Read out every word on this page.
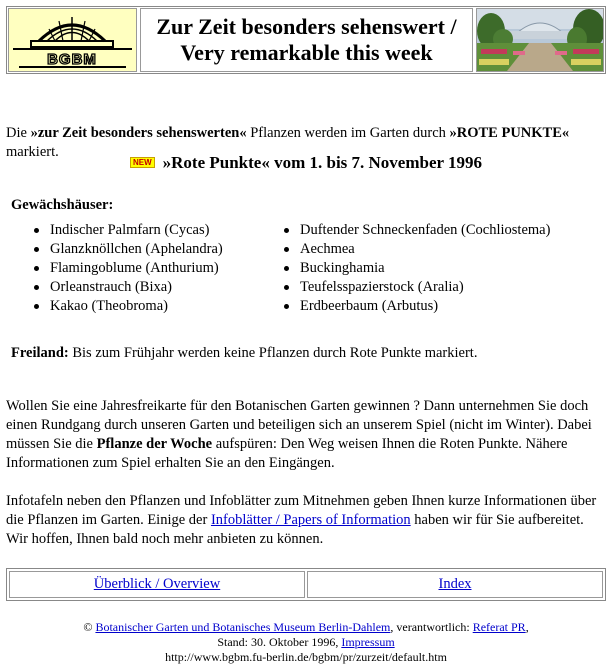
BGBM
Zur Zeit besonders sehenswert /
Very remarkable this week
Die »zur Zeit besonders sehenswerten« Pflanzen werden im Garten durch »ROTE PUNKTE« markiert.
NEW »Rote Punkte« vom 1. bis 7. November 1996
Gewächshäuser:
Indischer Palmfarn (Cycas)
Glanzknöllchen (Aphelandra)
Flamingoblume (Anthurium)
Orleanstrauch (Bixa)
Kakao (Theobroma)
Duftender Schneckenfaden (Cochliostema)
Aechmea
Buckinghamia
Teufelsspazierstock (Aralia)
Erdbeerbaum (Arbutus)
Freiland: Bis zum Frühjahr werden keine Pflanzen durch Rote Punkte markiert.
Wollen Sie eine Jahresfreikarte für den Botanischen Garten gewinnen ? Dann unternehmen Sie doch einen Rundgang durch unseren Garten und beteiligen sich an unserem Spiel (nicht im Winter). Dabei müssen Sie die Pflanze der Woche aufspüren: Den Weg weisen Ihnen die Roten Punkte. Nähere Informationen zum Spiel erhalten Sie an den Eingängen.
Infotafeln neben den Pflanzen und Infoblätter zum Mitnehmen geben Ihnen kurze Informationen über die Pflanzen im Garten. Einige der Infoblätter / Papers of Information haben wir für Sie aufbereitet. Wir hoffen, Ihnen bald noch mehr anbieten zu können.
Überblick / Overview	Index
© Botanischer Garten und Botanisches Museum Berlin-Dahlem, verantwortlich: Referat PR,
Stand: 30. Oktober 1996, Impressum
http://www.bgbm.fu-berlin.de/bgbm/pr/zurzeit/default.htm
